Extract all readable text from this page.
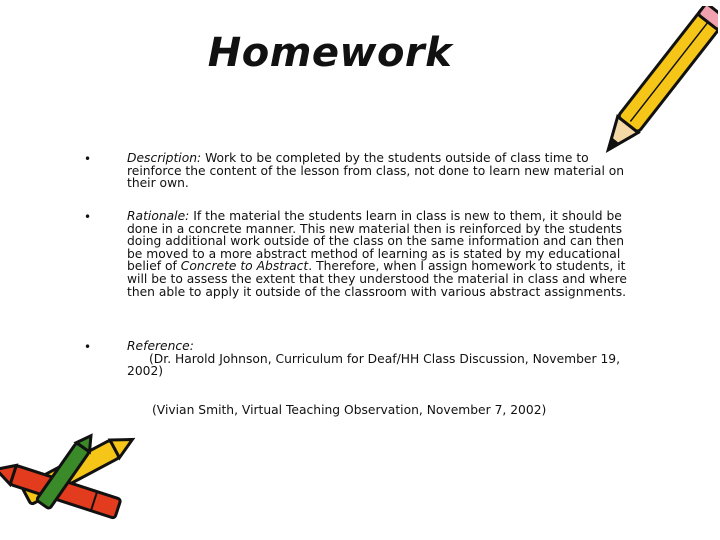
Homework
•	Description: Work to be completed by the students outside of class time to reinforce the content of the lesson from class, not done to learn new material on their own.

•	Rationale: If the material the students learn in class is new to them, it should be done in a concrete manner. This new material then is reinforced by the students doing additional work outside of the class on the same information and can then be moved to a more abstract method of learning as is stated by my educational belief of Concrete to Abstract. Therefore, when I assign homework to students, it will be to assess the extent that they understood the material in class and where then able to apply it outside of the classroom with various abstract assignments.

•	Reference:
(Dr. Harold Johnson, Curriculum for Deaf/HH Class Discussion, November 19, 2002)

(Vivian Smith, Virtual Teaching Observation, November 7, 2002)
